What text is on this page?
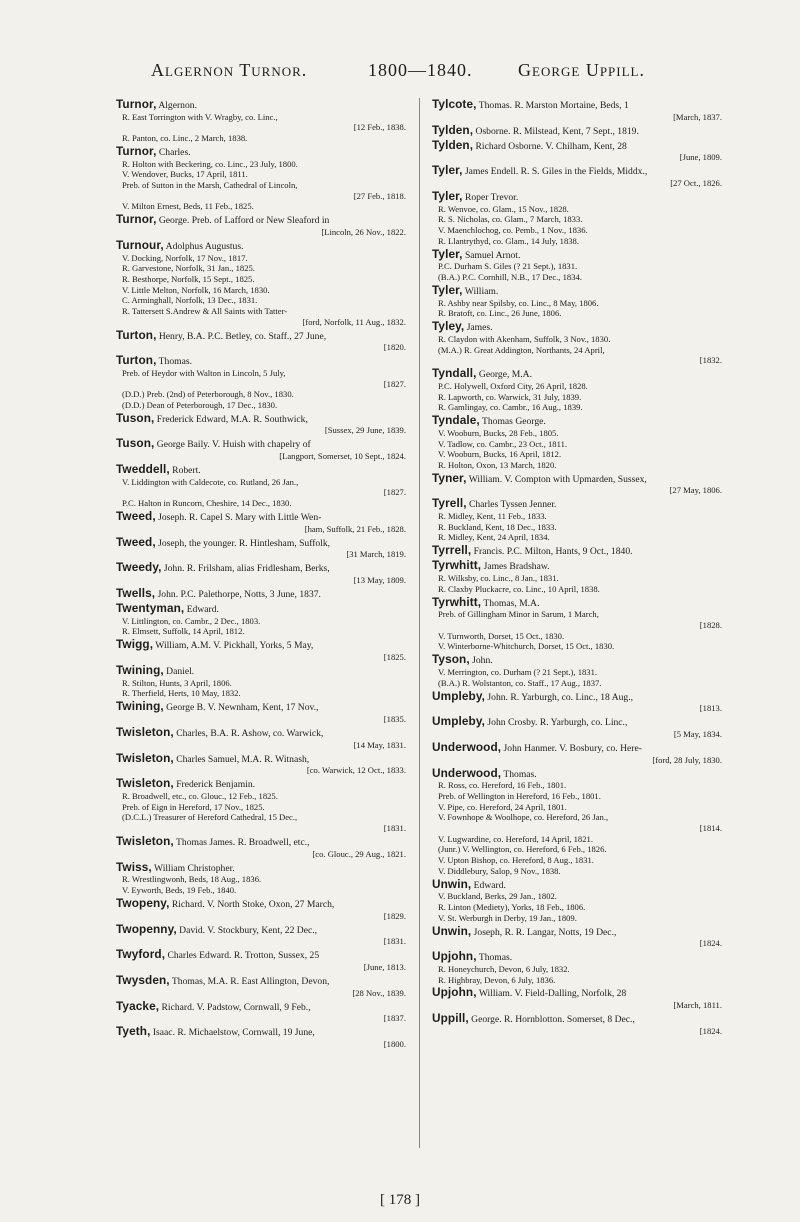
Algernon Turnor.	1800—1840.	George Uppill.
Turnor, Algernon.
R. East Torrington with V. Wragby, co. Linc.,
[12 Feb., 1838.
R. Panton, co. Linc., 2 March, 1838.
Turnor, Charles.
R. Holton with Beckering, co. Linc., 23 July, 1800.
V. Wendover, Bucks, 17 April, 1811.
Preb. of Sutton in the Marsh, Cathedral of Lincoln,
[27 Feb., 1818.
V. Milton Ernest, Beds, 11 Feb., 1825.
Turnor, George. Preb. of Lafford or New Sleaford in
[Lincoln, 26 Nov., 1822.
Turnour, Adolphus Augustus.
V. Docking, Norfolk, 17 Nov., 1817.
R. Garvestone, Norfolk, 31 Jan., 1825.
R. Besthorpe, Norfolk, 15 Sept., 1825.
V. Little Melton, Norfolk, 16 March, 1830.
C. Arminghall, Norfolk, 13 Dec., 1831.
R. Tattersett S.Andrew & All Saints with Tatter-
[ford, Norfolk, 11 Aug., 1832.
Turton, Henry, B.A. P.C. Betley, co. Staff., 27 June,
[1820.
Turton, Thomas.
Preb. of Heydor with Walton in Lincoln, 5 July,
[1827.
(D.D.) Preb. (2nd) of Peterborough, 8 Nov., 1830.
(D.D.) Dean of Peterborough, 17 Dec., 1830.
Tuson, Frederick Edward, M.A. R. Southwick,
[Sussex, 29 June, 1839.
Tuson, George Baily. V. Huish with chapelry of
[Langport, Somerset, 10 Sept., 1824.
Tweddell, Robert.
V. Liddington with Caldecote, co. Rutland, 26 Jan.,
[1827.
P.C. Halton in Runcorn, Cheshire, 14 Dec., 1830.
Tweed, Joseph. R. Capel S. Mary with Little Wen-
[ham, Suffolk, 21 Feb., 1828.
Tweed, Joseph, the younger. R. Hintlesham, Suffolk,
[31 March, 1819.
Tweedy, John. R. Frilsham, alias Fridlesham, Berks,
[13 May, 1809.
Twells, John. P.C. Palethorpe, Notts, 3 June, 1837.
Twentyman, Edward.
V. Littlington, co. Cambr., 2 Dec., 1803.
R. Elmsett, Suffolk, 14 April, 1812.
Twigg, William, A.M. V. Pickhall, Yorks, 5 May,
[1825.
Twining, Daniel.
R. Stilton, Hunts, 3 April, 1806.
R. Therfield, Herts, 10 May, 1832.
Twining, George B. V. Newnham, Kent, 17 Nov.,
[1835.
Twisleton, Charles, B.A. R. Ashow, co. Warwick,
[14 May, 1831.
Twisleton, Charles Samuel, M.A. R. Witnash,
[co. Warwick, 12 Oct., 1833.
Twisleton, Frederick Benjamin.
R. Broadwell, etc., co. Glouc., 12 Feb., 1825.
Preb. of Eign in Hereford, 17 Nov., 1825.
(D.C.L.) Treasurer of Hereford Cathedral, 15 Dec.,
[1831.
Twisleton, Thomas James. R. Broadwell, etc.,
[co. Glouc., 29 Aug., 1821.
Twiss, William Christopher.
R. Wrestlingwonh, Beds, 18 Aug., 1836.
V. Eyworth, Beds, 19 Feb., 1840.
Twopeny, Richard. V. North Stoke, Oxon, 27 March,
[1829.
Twopenny, David. V. Stockbury, Kent, 22 Dec.,
[1831.
Twyford, Charles Edward. R. Trotton, Sussex, 25
[June, 1813.
Twysden, Thomas, M.A. R. East Allington, Devon,
[28 Nov., 1839.
Tyacke, Richard. V. Padstow, Cornwall, 9 Feb.,
[1837.
Tyeth, Isaac. R. Michaelstow, Cornwall, 19 June,
[1800.
Tylcote, Thomas. R. Marston Mortaine, Beds, 1
[March, 1837.
Tylden, Osborne. R. Milstead, Kent, 7 Sept., 1819.
Tylden, Richard Osborne. V. Chilham, Kent, 28
[June, 1809.
Tyler, James Endell. R. S. Giles in the Fields, Middx.,
[27 Oct., 1826.
Tyler, Roper Trevor.
R. Wenvoe, co. Glam., 15 Nov., 1828.
R. S. Nicholas, co. Glam., 7 March, 1833.
V. Maenchlochog, co. Pemb., 1 Nov., 1836.
R. Llantrythyd, co. Glam., 14 July, 1838.
Tyler, Samuel Arnot.
P.C. Durham S. Giles (? 21 Sept.), 1831.
(B.A.) P.C. Cornhill, N.B., 17 Dec., 1834.
Tyler, William.
R. Ashby near Spilsby, co. Linc., 8 May, 1806.
R. Bratoft, co. Linc., 26 June, 1806.
Tyley, James.
R. Claydon with Akenham, Suffolk, 3 Nov., 1830.
(M.A.) R. Great Addington, Northants, 24 April,
[1832.
Tyndall, George, M.A.
P.C. Holywell, Oxford City, 26 April, 1828.
R. Lapworth, co. Warwick, 31 July, 1839.
R. Gamlingay, co. Cambr., 16 Aug., 1839.
Tyndale, Thomas George.
V. Wooburn, Bucks, 28 Feb., 1805.
V. Tadlow, co. Cambr., 23 Oct., 1811.
V. Wooburn, Bucks, 16 April, 1812.
R. Holton, Oxon, 13 March, 1820.
Tyner, William. V. Compton with Upmarden, Sussex,
[27 May, 1806.
Tyrell, Charles Tyssen Jenner.
R. Midley, Kent, 11 Feb., 1833.
R. Buckland, Kent, 18 Dec., 1833.
R. Midley, Kent, 24 April, 1834.
Tyrrell, Francis. P.C. Milton, Hants, 9 Oct., 1840.
Tyrwhitt, James Bradshaw.
R. Wilksby, co. Linc., 8 Jan., 1831.
R. Claxby Pluckacre, co. Linc., 10 April, 1838.
Tyrwhitt, Thomas, M.A.
Preb. of Gillingham Minor in Sarum, 1 March,
[1828.
V. Turnworth, Dorset, 15 Oct., 1830.
V. Winterborne-Whitchurch, Dorset, 15 Oct., 1830.
Tyson, John.
V. Merrington, co. Durham (? 21 Sept.), 1831.
(B.A.) R. Wolstanton, co. Staff., 17 Aug., 1837.
Umpleby, John. R. Yarburgh, co. Linc., 18 Aug.,
[1813.
Umpleby, John Crosby. R. Yarburgh, co. Linc.,
[5 May, 1834.
Underwood, John Hanmer. V. Bosbury, co. Here-
[ford, 28 July, 1830.
Underwood, Thomas.
R. Ross, co. Hereford, 16 Feb., 1801.
Preb. of Wellington in Hereford, 16 Feb., 1801.
V. Pipe, co. Hereford, 24 April, 1801.
V. Fownhope & Woolhope, co. Hereford, 26 Jan.,
[1814.
V. Lugwardine, co. Hereford, 14 April, 1821.
(Junr.) V. Wellington, co. Hereford, 6 Feb., 1826.
V. Upton Bishop, co. Hereford, 8 Aug., 1831.
V. Diddlebury, Salop, 9 Nov., 1838.
Unwin, Edward.
V. Buckland, Berks, 29 Jan., 1802.
R. Linton (Mediety), Yorks, 18 Feb., 1806.
V. St. Werburgh in Derby, 19 Jan., 1809.
Unwin, Joseph, R. R. Langar, Notts, 19 Dec.,
[1824.
Upjohn, Thomas.
R. Honeychurch, Devon, 6 July, 1832.
R. Highbray, Devon, 6 July, 1836.
Upjohn, William. V. Field-Dalling, Norfolk, 28
[March, 1811.
Uppill, George. R. Hornblotton. Somerset, 8 Dec.,
[1824.
[ 178 ]
